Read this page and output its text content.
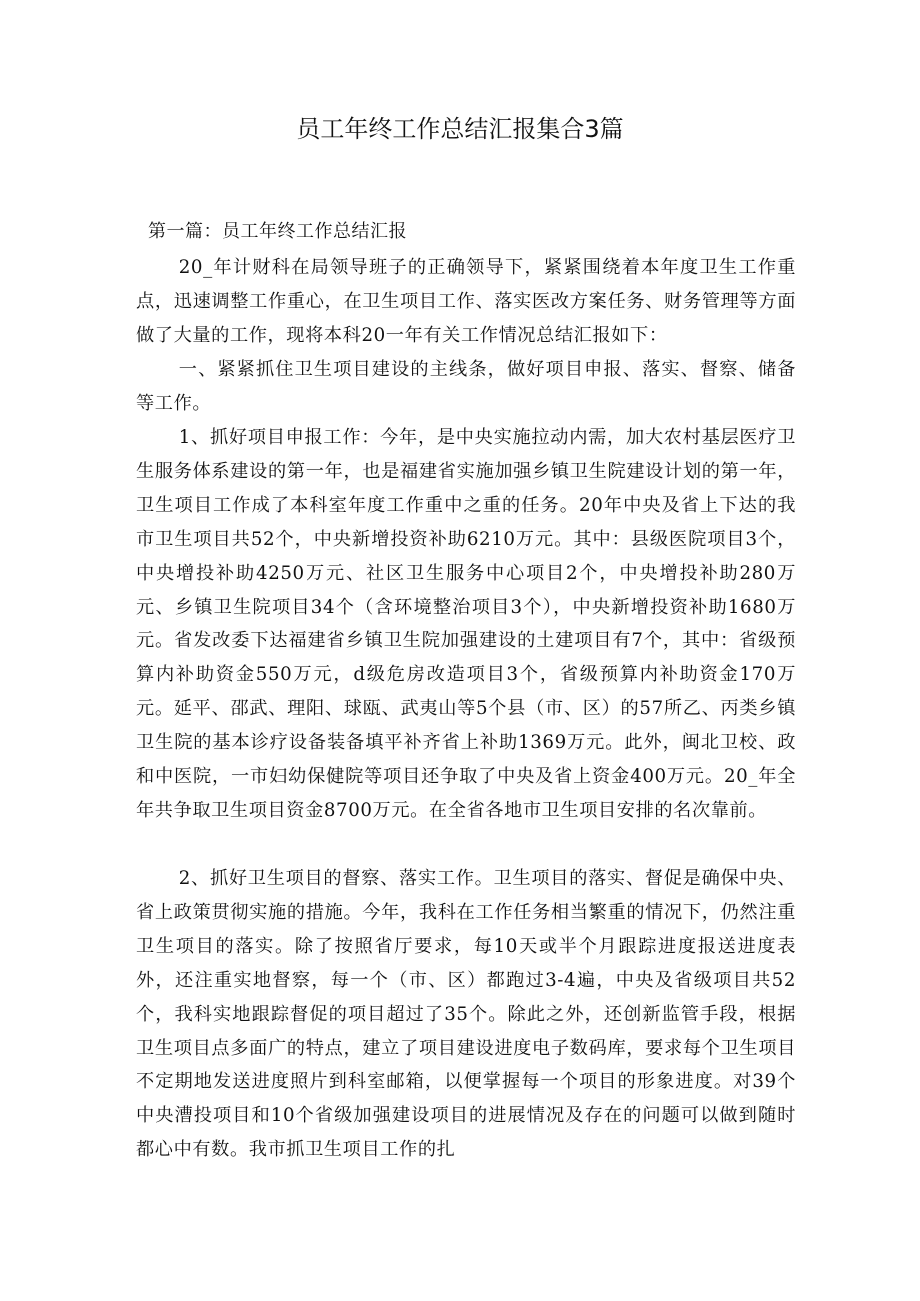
员工年终工作总结汇报集合3篇
第一篇：员工年终工作总结汇报

20_年计财科在局领导班子的正确领导下，紧紧围绕着本年度卫生工作重点，迅速调整工作重心，在卫生项目工作、落实医改方案任务、财务管理等方面做了大量的工作，现将本科20一年有关工作情况总结汇报如下：

一、紧紧抓住卫生项目建设的主线条，做好项目申报、落实、督察、储备等工作。

1、抓好项目申报工作：今年，是中央实施拉动内需，加大农村基层医疗卫生服务体系建设的第一年，也是福建省实施加强乡镇卫生院建设计划的第一年，卫生项目工作成了本科室年度工作重中之重的任务。20年中央及省上下达的我市卫生项目共52个，中央新增投资补助6210万元。其中：县级医院项目3个，中央增投补助4250万元、社区卫生服务中心项目2个，中央增投补助280万元、乡镇卫生院项目34个（含环境整治项目3个），中央新增投资补助1680万元。省发改委下达福建省乡镇卫生院加强建设的土建项目有7个，其中：省级预算内补助资金550万元，d级危房改造项目3个，省级预算内补助资金170万元。延平、邵武、理阳、球瓯、武夷山等5个县（市、区）的57所乙、丙类乡镇卫生院的基本诊疗设备装备填平补齐省上补助1369万元。此外，闽北卫校、政和中医院，一市妇幼保健院等项目还争取了中央及省上资金400万元。20_年全年共争取卫生项目资金8700万元。在全省各地市卫生项目安排的名次靠前。

2、抓好卫生项目的督察、落实工作。卫生项目的落实、督促是确保中央、省上政策贯彻实施的措施。今年，我科在工作任务相当繁重的情况下，仍然注重卫生项目的落实。除了按照省厅要求，每10天或半个月跟踪进度报送进度表外，还注重实地督察，每一个（市、区）都跑过3-4遍，中央及省级项目共52个，我科实地跟踪督促的项目超过了35个。除此之外，还创新监管手段，根据卫生项目点多面广的特点，建立了项目建设进度电子数码库，要求每个卫生项目不定期地发送进度照片到科室邮箱，以便掌握每一个项目的形象进度。对39个中央漕投项目和10个省级加强建设项目的进展情况及存在的问题可以做到随时都心中有数。我市抓卫生项目工作的扎
